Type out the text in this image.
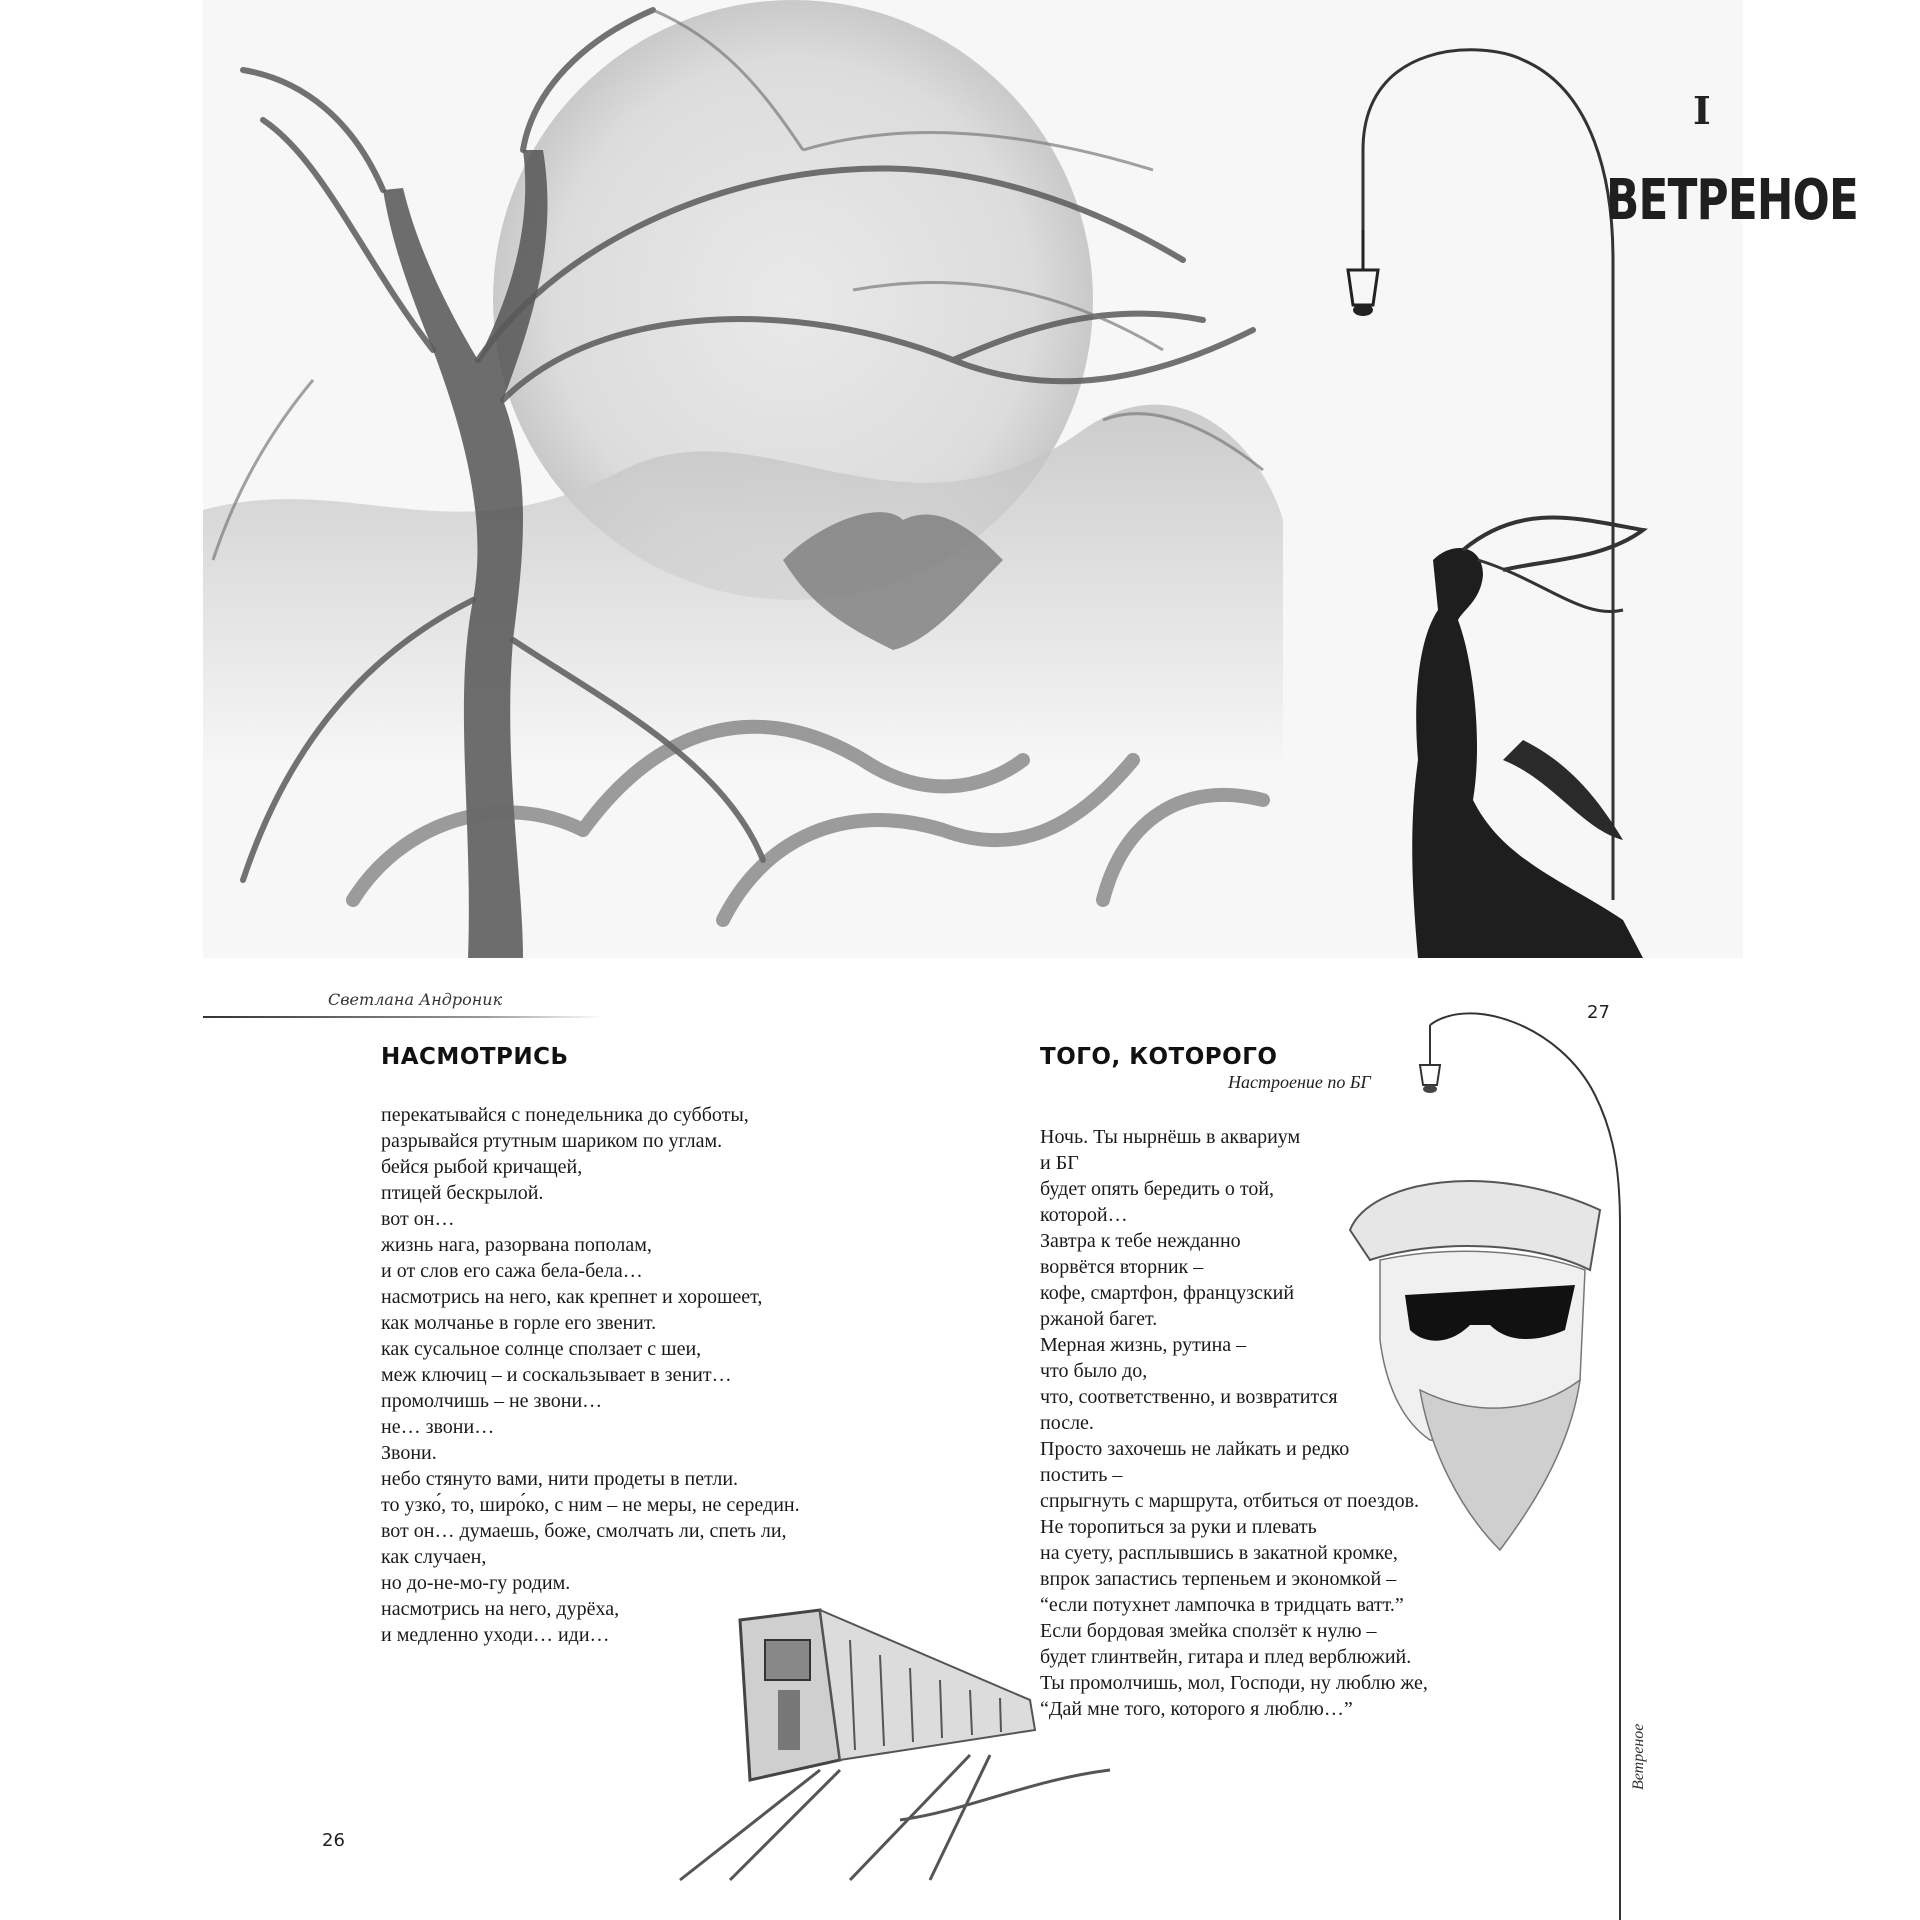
I
ВЕТРЕНОЕ
Светлана Андроник
НАСМОТРИСЬ
перекатывайся с понедельника до субботы,
разрывайся ртутным шариком по углам.
бейся рыбой кричащей,
птицей бескрылой.
вот он…
жизнь нага, разорвана пополам,
и от слов его сажа бела-бела…
насмотрись на него, как крепнет и хорошеет,
как молчанье в горле его звенит.
как сусальное солнце сползает с шеи,
меж ключиц – и соскальзывает в зенит…
промолчишь – не звони…
не… звони…
Звони.
небо стянуто вами, нити продеты в петли.
то узко́, то, широ́ко, с ним – не меры, не середин.
вот он… думаешь, боже, смолчать ли, спеть ли,
как случаен,
но до-не-мо-гу родим.
насмотрись на него, дурёха,
и медленно уходи… иди…
26
27
ТОГО, КОТОРОГО
Настроение по БГ
Ночь. Ты нырнёшь в аквариум
и БГ
будет опять бередить о той,
которой…
Завтра к тебе нежданно
ворвётся вторник –
кофе, смартфон, французский
ржаной багет.
Мерная жизнь, рутина –
что было до,
что, соответственно, и возвратится
после.
Просто захочешь не лайкать и редко
постить –
спрыгнуть с маршрута, отбиться от поездов.
Не торопиться за руки и плевать
на суету, расплывшись в закатной кромке,
впрок запастись терпеньем и экономкой –
“если потухнет лампочка в тридцать ватт.”
Если бордовая змейка сползёт к нулю –
будет глинтвейн, гитара и плед верблюжий.
Ты промолчишь, мол, Господи, ну люблю же,
“Дай мне того, которого я люблю…”
Ветреное
